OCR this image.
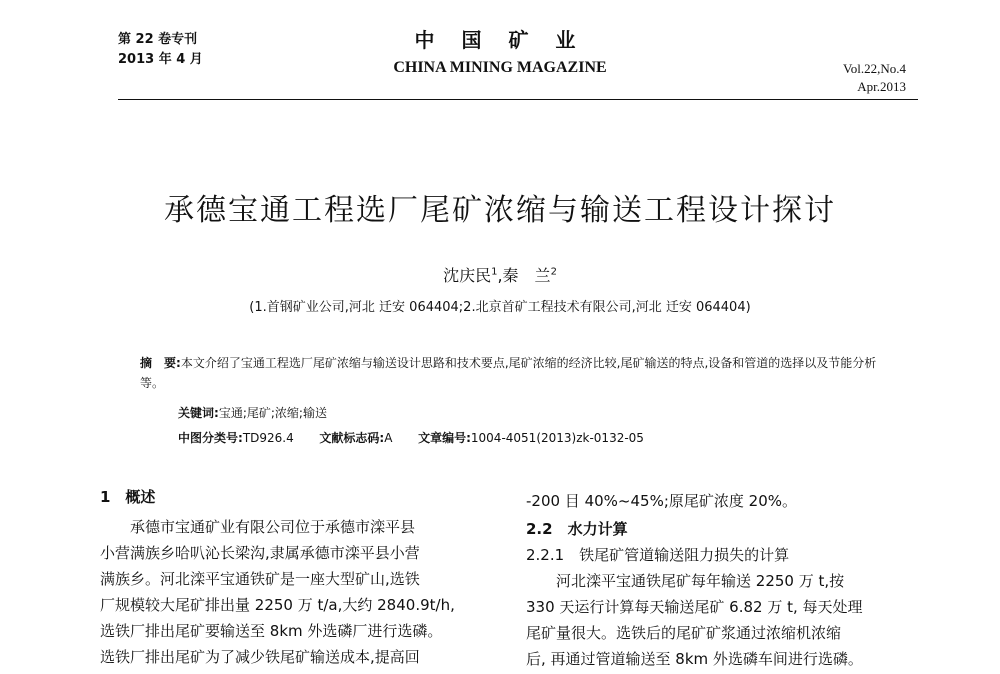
第 22 卷专刊
2013 年 4 月
中 国 矿 业
CHINA MINING MAGAZINE	Vol.22,No.4
Apr.2013
承德宝通工程选厂尾矿浓缩与输送工程设计探讨
沈庆民$^1$,秦　兰$^2$
(1.首钢矿业公司,河北 迁安 064404;2.北京首矿工程技术有限公司,河北 迁安 064404)
摘　要:本文介绍了宝通工程选厂尾矿浓缩与输送设计思路和技术要点,尾矿浓缩的经济比较,尾矿输送的特点,设备和管道的选择以及节能分析等。
关键词:宝通;尾矿;浓缩;输送
中图分类号:TD926.4 文献标志码:A 文章编号:1004-4051(2013)zk-0132-05
1　概述
　　承德市宝通矿业有限公司位于承德市滦平县
小营满族乡哈叭沁长梁沟,隶属承德市滦平县小营
满族乡。河北滦平宝通铁矿是一座大型矿山,选铁
厂规模较大尾矿排出量 2250 万 t/a,大约 2840.9t/h,
选铁厂排出尾矿要输送至 8km 外选磷厂进行选磷。
选铁厂排出尾矿为了减少铁尾矿输送成本,提高回
-200 目 40%~45%;原尾矿浓度 20%。
2.2　水力计算
2.2.1　铁尾矿管道输送阻力损失的计算
　　河北滦平宝通铁尾矿每年输送 2250 万 t,按
330 天运行计算每天输送尾矿 6.82 万 t, 每天处理
尾矿量很大。选铁后的尾矿矿浆通过浓缩机浓缩
后, 再通过管道输送至 8km 外选磷车间进行选磷。
